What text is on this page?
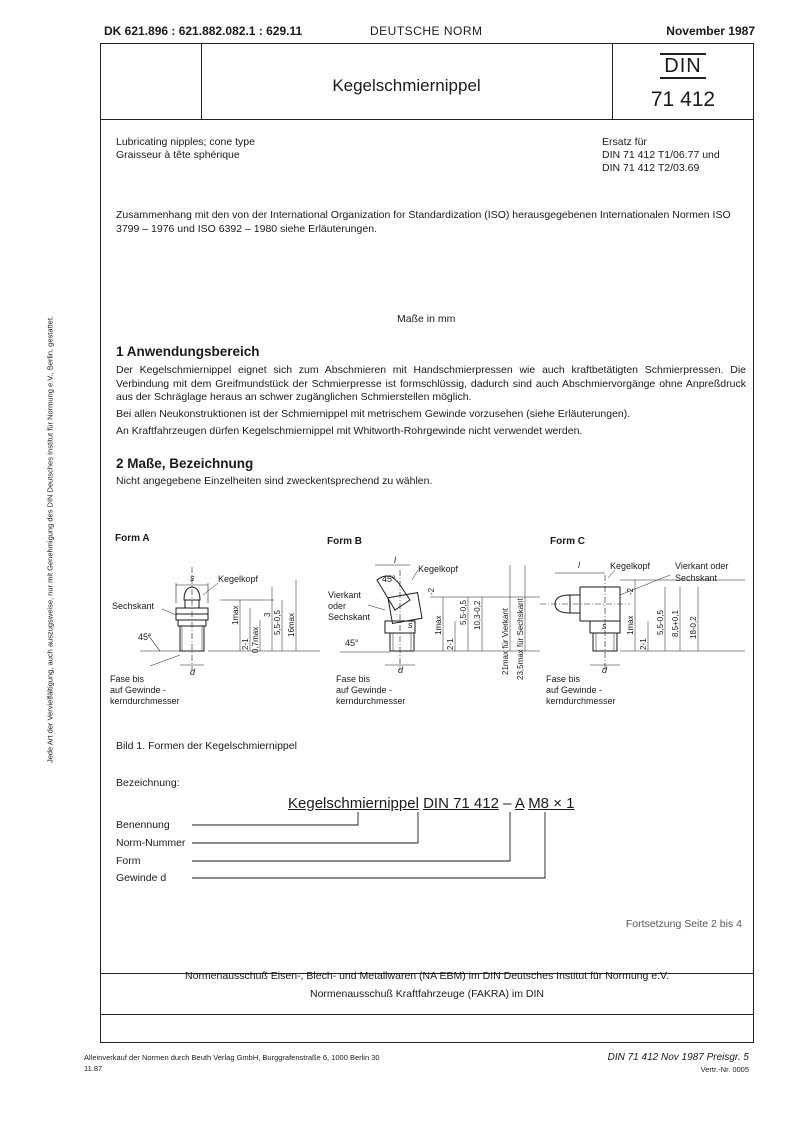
DK 621.896 : 621.882.082.1 : 629.11	DEUTSCHE NORM	November 1987
Jede Art der Vervielfältigung, auch auszugsweise, nur mit Genehmigung des DIN Deutsches Institut für Normung e.V., Berlin, gestattet.
Kegelschmiernippel
DIN
71 412
Lubricating nipples; cone type
Graisseur à tête sphérique
Ersatz für
DIN 71 412 T1/06.77 und
DIN 71 412 T2/03.69
Zusammenhang mit den von der International Organization for Standardization (ISO) herausgegebenen Internationalen Normen ISO 3799 – 1976 und ISO 6392 – 1980 siehe Erläuterungen.
Maße in mm
1 Anwendungsbereich
Der Kegelschmiernippel eignet sich zum Abschmieren mit Handschmierpressen wie auch kraftbetätigten Schmierpressen. Die Verbindung mit dem Greifmundstück der Schmierpresse ist formschlüssig, dadurch sind auch Abschmiervorgänge ohne Anpreßdruck aus der Schräglage heraus an schwer zugänglichen Schmierstellen möglich.
Bei allen Neukonstruktionen ist der Schmiernippel mit metrischem Gewinde vorzusehen (siehe Erläuterungen).
An Kraftfahrzeugen dürfen Kegelschmiernippel mit Whitworth-Rohrgewinde nicht verwendet werden.
2 Maße, Bezeichnung
Nicht angegebene Einzelheiten sind zweckentsprechend zu wählen.
Form A	Form B	Form C
s	Kegelkopf
Sechskant
45°
d
Fase bis
auf Gewinde -
kerndurchmesser
1max
2-1 0,7max
3 5,5-0,5 16max
l
45°
Kegelkopf
Vierkant
oder
Sechskant
45°
s
d
Fase bis
auf Gewinde -
kerndurchmesser
-2
1max
2-1
5,5-0,5 10,3-0,2 21max für Vierkant 23,5max für Sechskant
l	Kegelkopf	Vierkant oder
Sechskant
s
d
Fase bis
auf Gewinde -
kerndurchmesser
-2
1max
2-1
5,5-0,5 8,5+0,1 18-0,2
Bild 1. Formen der Kegelschmiernippel
Bezeichnung:
Kegelschmiernippel DIN 71 412 – A M8 × 1
Benennung
Norm-Nummer
Form
Gewinde d
Fortsetzung Seite 2 bis 4
Normenausschuß Eisen-, Blech- und Metallwaren (NA EBM) im DIN Deutsches Institut für Normung e.V.
Normenausschuß Kraftfahrzeuge (FAKRA) im DIN
Alleinverkauf der Normen durch Beuth Verlag GmbH, Burggrafenstraße 6, 1000 Berlin 30
11.87
DIN 71 412 Nov 1987 Preisgr. 5
Vertr.-Nr. 0005
